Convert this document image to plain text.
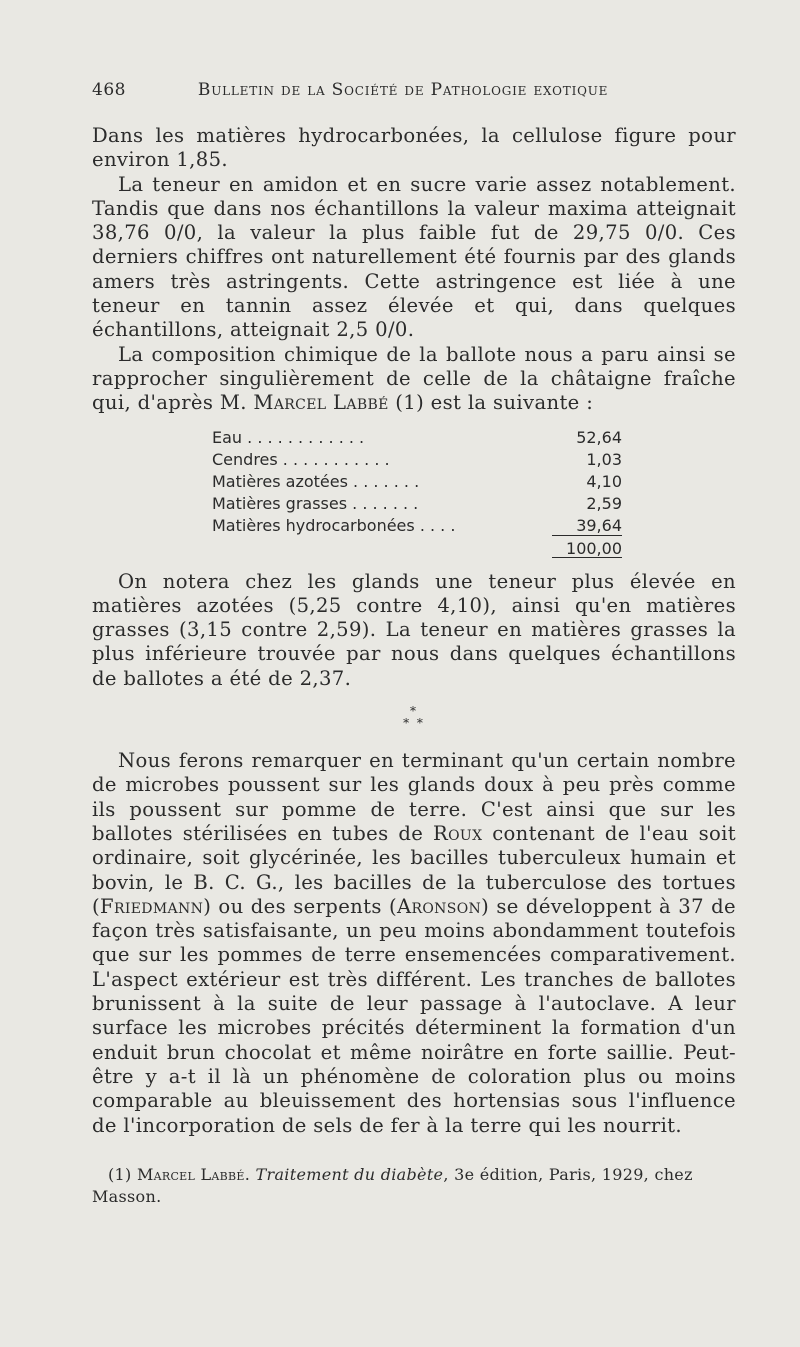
468	Bulletin de la Société de Pathologie exotique

Dans les matières hydrocarbonées, la cellulose figure pour environ 1,85.

La teneur en amidon et en sucre varie assez notablement. Tandis que dans nos échantillons la valeur maxima atteignait 38,76 0/0, la valeur la plus faible fut de 29,75 0/0. Ces derniers chiffres ont naturellement été fournis par des glands amers très astringents. Cette astringence est liée à une teneur en tannin assez élevée et qui, dans quelques échantillons, atteignait 2,5 0/0.

La composition chimique de la ballote nous a paru ainsi se rapprocher singulièrement de celle de la châtaigne fraîche qui, d'après M. Marcel Labbé (1) est la suivante :

Eau . . . . . . . . . . . .	52,64
Cendres . . . . . . . . . . .	1,03
Matières azotées . . . . . . .	4,10
Matières grasses . . . . . . .	2,59
Matières hydrocarbonées . . . .	39,64
100,00

On notera chez les glands une teneur plus élevée en matières azotées (5,25 contre 4,10), ainsi qu'en matières grasses (3,15 contre 2,59). La teneur en matières grasses la plus inférieure trouvée par nous dans quelques échantillons de ballotes a été de 2,37.

*
* *

Nous ferons remarquer en terminant qu'un certain nombre de microbes poussent sur les glands doux à peu près comme ils poussent sur pomme de terre. C'est ainsi que sur les ballotes stérilisées en tubes de Roux contenant de l'eau soit ordinaire, soit glycérinée, les bacilles tuberculeux humain et bovin, le B. C. G., les bacilles de la tuberculose des tortues (Friedmann) ou des serpents (Aronson) se développent à 37 de façon très satisfaisante, un peu moins abondamment toutefois que sur les pommes de terre ensemencées comparativement. L'aspect extérieur est très différent. Les tranches de ballotes brunissent à la suite de leur passage à l'autoclave. A leur surface les microbes précités déterminent la formation d'un enduit brun chocolat et même noirâtre en forte saillie. Peut-être y a-t il là un phénomène de coloration plus ou moins comparable au bleuissement des hortensias sous l'influence de l'incorporation de sels de fer à la terre qui les nourrit.

(1) Marcel Labbé. Traitement du diabète, 3e édition, Paris, 1929, chez Masson.
